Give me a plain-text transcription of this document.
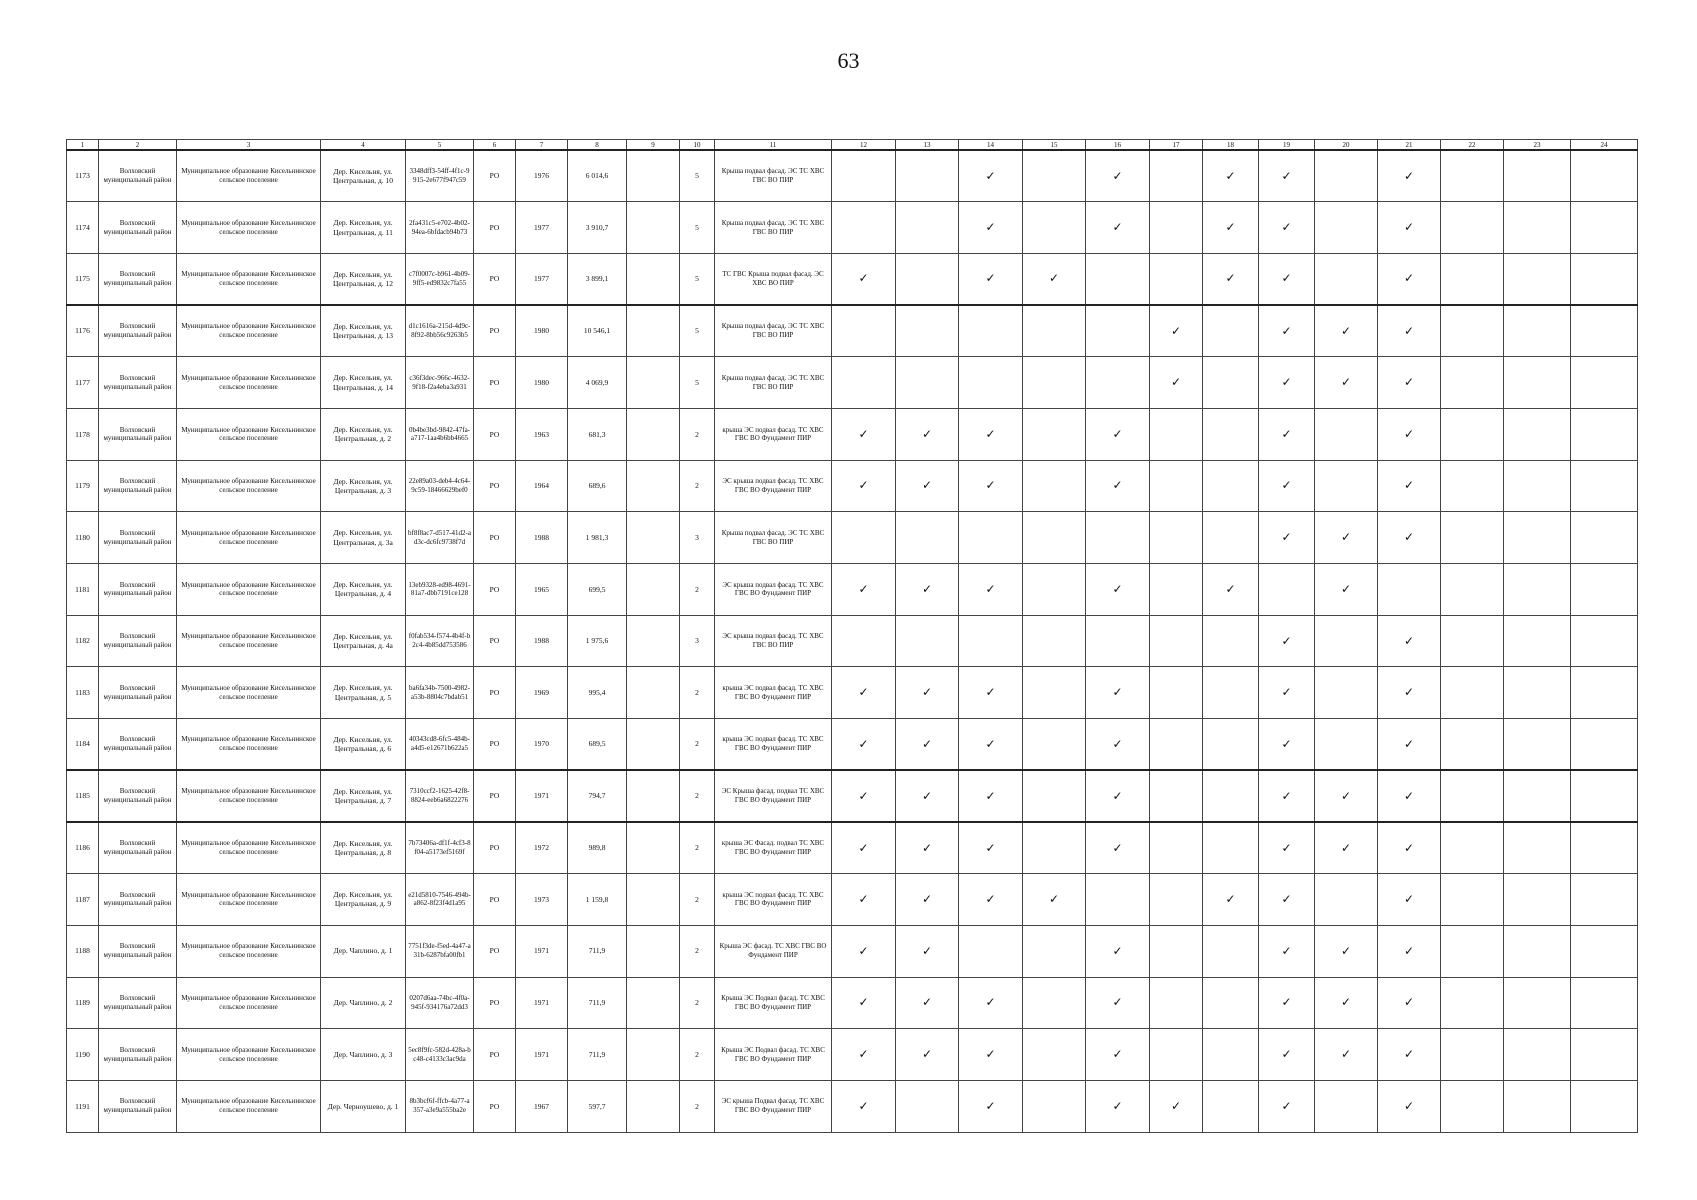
63
1	2	3	4	5	6	7	8	9	10	11	12	13	14	15	16	17	18	19	20	21	22	23	24
1173	Волховский муниципальный район	Муниципальное образование Кисельнинское сельское поселение	Дер. Кисельня, ул. Центральная, д. 10	3348dff3-54ff-4f1c-9915-2e677f947c59	РО	1976	6 014,6		5	Крыша подвал фасад. ЭС ТС ХВС ГВС ВО ПИР			✓		✓		✓	✓		✓			
1174	Волховский муниципальный район	Муниципальное образование Кисельнинское сельское поселение	Дер. Кисельня, ул. Центральная, д. 11	2fa431c5-e702-4b02-94ea-6bfdacb94b73	РО	1977	3 910,7		5	Крыша подвал фасад. ЭС ТС ХВС ГВС ВО ПИР			✓		✓		✓	✓		✓			
1175	Волховский муниципальный район	Муниципальное образование Кисельнинское сельское поселение	Дер. Кисельня, ул. Центральная, д. 12	c7f0007c-b961-4b09-9ff5-ed9832c7fa55	РО	1977	3 899,1		5	ТС ГВС Крыша подвал фасад. ЭС ХВС ВО ПИР	✓		✓	✓			✓	✓		✓			
1176	Волховский муниципальный район	Муниципальное образование Кисельнинское сельское поселение	Дер. Кисельня, ул. Центральная, д. 13	d1c1616a-215d-4d9c-8f92-8bb56c9263b5	РО	1980	10 546,1		5	Крыша подвал фасад. ЭС ТС ХВС ГВС ВО ПИР						✓		✓	✓	✓			
1177	Волховский муниципальный район	Муниципальное образование Кисельнинское сельское поселение	Дер. Кисельня, ул. Центральная, д. 14	c36f3dec-966c-4632-9f18-f2a4eba3a931	РО	1980	4 069,9		5	Крыша подвал фасад. ЭС ТС ХВС ГВС ВО ПИР						✓		✓	✓	✓			
1178	Волховский муниципальный район	Муниципальное образование Кисельнинское сельское поселение	Дер. Кисельня, ул. Центральная, д. 2	0b4be3bd-9842-47fa-a717-1aa4b6bb4665	РО	1963	681,3		2	крыша ЭС подвал фасад. ТС ХВС ГВС ВО Фундамент ПИР	✓	✓	✓		✓			✓		✓			
1179	Волховский муниципальный район	Муниципальное образование Кисельнинское сельское поселение	Дер. Кисельня, ул. Центральная, д. 3	22e89a03-deb4-4c64-9c59-18466629bef0	РО	1964	689,6		2	ЭС крыша подвал фасад. ТС ХВС ГВС ВО Фундамент ПИР	✓	✓	✓		✓			✓		✓			
1180	Волховский муниципальный район	Муниципальное образование Кисельнинское сельское поселение	Дер. Кисельня, ул. Центральная, д. 3а	bf8f8ac7-d517-41d2-ad3c-dc6fc9738f7d	РО	1988	1 981,3		3	Крыша подвал фасад. ЭС ТС ХВС ГВС ВО ПИР								✓	✓	✓			
1181	Волховский муниципальный район	Муниципальное образование Кисельнинское сельское поселение	Дер. Кисельня, ул. Центральная, д. 4	13eb9328-ed98-4691-81a7-dbb7191ce128	РО	1965	699,5		2	ЭС крыша подвал фасад. ТС ХВС ГВС ВО Фундамент ПИР	✓	✓	✓		✓		✓		✓				
1182	Волховский муниципальный район	Муниципальное образование Кисельнинское сельское поселение	Дер. Кисельня, ул. Центральная, д. 4а	f0fab534-f574-4b4f-b2c4-4b85dd753586	РО	1988	1 975,6		3	ЭС крыша подвал фасад. ТС ХВС ГВС ВО ПИР								✓		✓			
1183	Волховский муниципальный район	Муниципальное образование Кисельнинское сельское поселение	Дер. Кисельня, ул. Центральная, д. 5	ba6fa34b-7500-4982-a53b-8804c7bdab51	РО	1969	995,4		2	крыша ЭС подвал фасад. ТС ХВС ГВС ВО Фундамент ПИР	✓	✓	✓		✓			✓		✓			
1184	Волховский муниципальный район	Муниципальное образование Кисельнинское сельское поселение	Дер. Кисельня, ул. Центральная, д. 6	40343cd8-6fc5-484b-a4d5-e12671b622a5	РО	1970	689,5		2	крыша ЭС подвал фасад. ТС ХВС ГВС ВО Фундамент ПИР	✓	✓	✓		✓			✓		✓			
1185	Волховский муниципальный район	Муниципальное образование Кисельнинское сельское поселение	Дер. Кисельня, ул. Центральная, д. 7	7310ccf2-1625-42f8-8824-eeb6a6822276	РО	1971	794,7		2	ЭС Крыша фасад. подвал ТС ХВС ГВС ВО Фундамент ПИР	✓	✓	✓		✓			✓	✓	✓			
1186	Волховский муниципальный район	Муниципальное образование Кисельнинское сельское поселение	Дер. Кисельня, ул. Центральная, д. 8	7b73406a-df1f-4cf3-8f04-a5173ef5169f	РО	1972	989,8		2	крыша ЭС Фасад. подвал ТС ХВС ГВС ВО Фундамент ПИР	✓	✓	✓		✓			✓	✓	✓			
1187	Волховский муниципальный район	Муниципальное образование Кисельнинское сельское поселение	Дер. Кисельня, ул. Центральная, д. 9	e21d5810-7546-494b-a862-8f23f4d1a95	РО	1973	1 159,8		2	крыша ЭС подвал фасад. ТС ХВС ГВС ВО Фундамент ПИР	✓	✓	✓	✓			✓	✓		✓			
1188	Волховский муниципальный район	Муниципальное образование Кисельнинское сельское поселение	Дер. Чаплино, д. 1	7751f3de-f5ed-4a47-a31b-6287bfa00fb1	РО	1971	711,9		2	Крыша ЭС фасад. ТС ХВС ГВС ВО Фундамент ПИР	✓	✓			✓			✓	✓	✓			
1189	Волховский муниципальный район	Муниципальное образование Кисельнинское сельское поселение	Дер. Чаплино, д. 2	0207d6aa-74bc-4f0a-945f-934176a72dd3	РО	1971	711,9		2	Крыша ЭС Подвал фасад. ТС ХВС ГВС ВО Фундамент ПИР	✓	✓	✓		✓			✓	✓	✓			
1190	Волховский муниципальный район	Муниципальное образование Кисельнинское сельское поселение	Дер. Чаплино, д. 3	5ec8f9fc-582d-428a-bc48-c4133c3ac9da	РО	1971	711,9		2	Крыша ЭС Подвал фасад. ТС ХВС ГВС ВО Фундамент ПИР	✓	✓	✓		✓			✓	✓	✓			
1191	Волховский муниципальный район	Муниципальное образование Кисельнинское сельское поселение	Дер. Черноушево, д. 1	8b3bcf6f-ffcb-4a77-a357-a3e9a555ba2e	РО	1967	597,7		2	ЭС крыша Подвал фасад. ТС ХВС ГВС ВО Фундамент ПИР	✓		✓		✓	✓		✓		✓			
